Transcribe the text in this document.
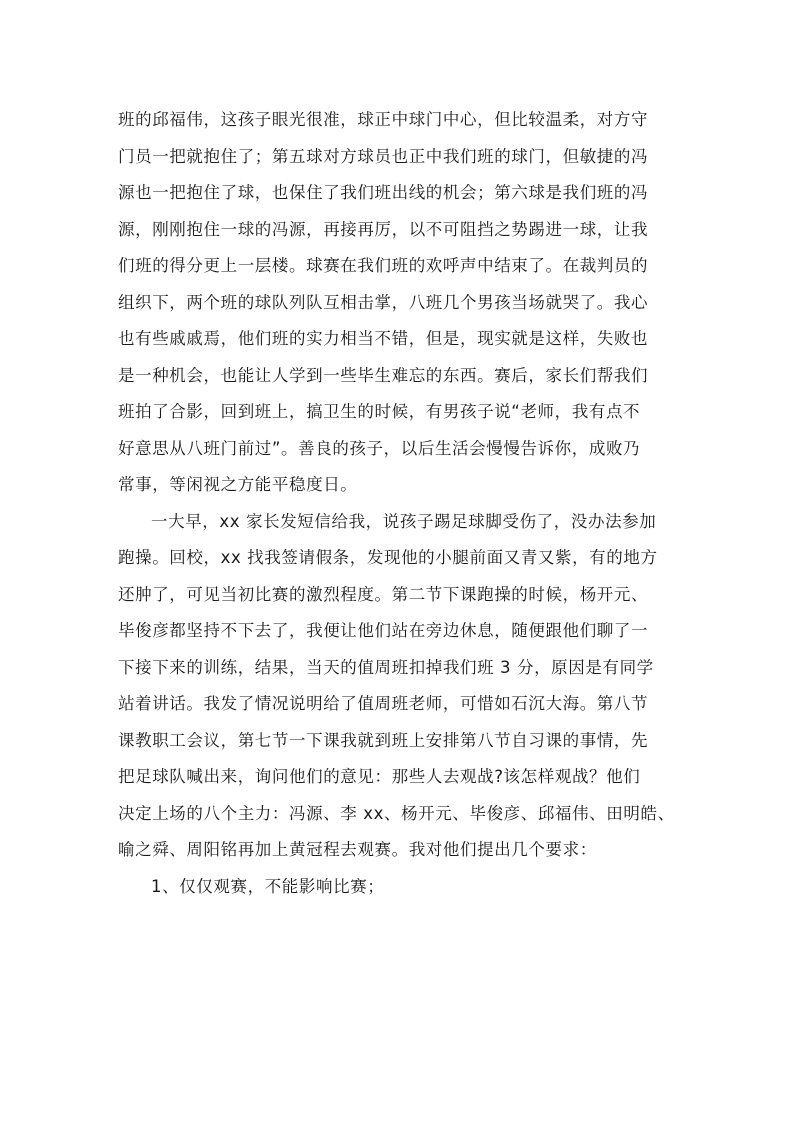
班的邱福伟，这孩子眼光很准，球正中球门中心，但比较温柔，对方守
门员一把就抱住了；第五球对方球员也正中我们班的球门，但敏捷的冯
源也一把抱住了球，也保住了我们班出线的机会；第六球是我们班的冯
源，刚刚抱住一球的冯源，再接再厉，以不可阻挡之势踢进一球，让我
们班的得分更上一层楼。球赛在我们班的欢呼声中结束了。在裁判员的
组织下，两个班的球队列队互相击掌，八班几个男孩当场就哭了。我心
也有些戚戚焉，他们班的实力相当不错，但是，现实就是这样，失败也
是一种机会，也能让人学到一些毕生难忘的东西。赛后，家长们帮我们
班拍了合影，回到班上，搞卫生的时候，有男孩子说“老师，我有点不
好意思从八班门前过”。善良的孩子，以后生活会慢慢告诉你，成败乃
常事，等闲视之方能平稳度日。
一大早，xx 家长发短信给我，说孩子踢足球脚受伤了，没办法参加
跑操。回校，xx 找我签请假条，发现他的小腿前面又青又紫，有的地方
还肿了，可见当初比赛的激烈程度。第二节下课跑操的时候，杨开元、
毕俊彦都坚持不下去了，我便让他们站在旁边休息，随便跟他们聊了一
下接下来的训练，结果，当天的值周班扣掉我们班 3 分，原因是有同学
站着讲话。我发了情况说明给了值周班老师，可惜如石沉大海。第八节
课教职工会议，第七节一下课我就到班上安排第八节自习课的事情，先
把足球队喊出来，询问他们的意见：那些人去观战?该怎样观战？他们
决定上场的八个主力：冯源、李 xx、杨开元、毕俊彦、邱福伟、田明皓、
喻之舜、周阳铭再加上黄冠程去观赛。我对他们提出几个要求：
1、仅仅观赛，不能影响比赛；
